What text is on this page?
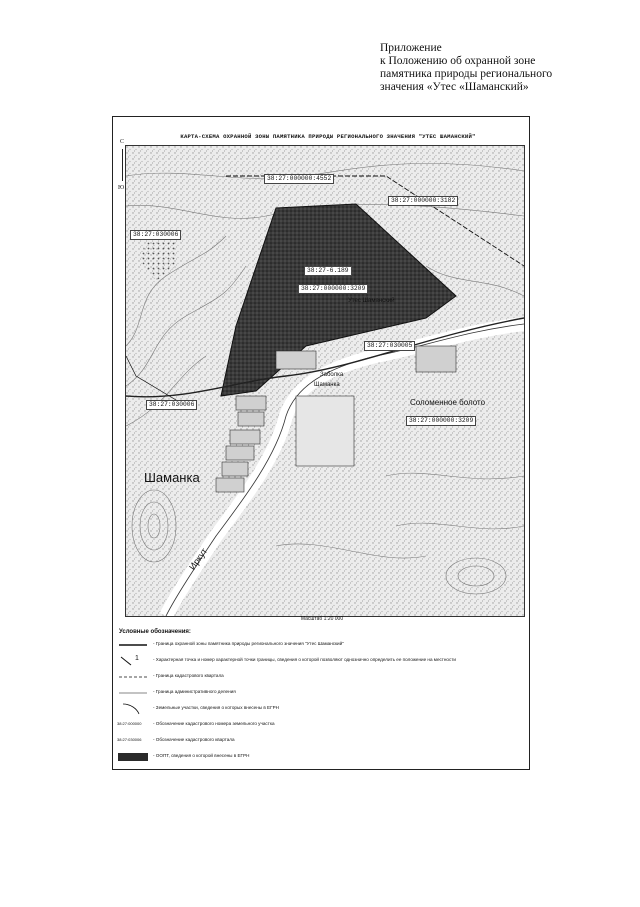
Приложение
к Положению об охранной зоне
памятника природы регионального
значения «Утес «Шаманский»
КАРТА-СХЕМА ОХРАННОЙ ЗОНЫ ПАМЯТНИКА ПРИРОДЫ РЕГИОНАЛЬНОГО ЗНАЧЕНИЯ "УТЕС ШАМАНСКИЙ"
С
Ю
38:27:000000:4552
38:27:000000:3182
38:27:030006
38:27-6.189
38:27:000000:3209
38:27:030005
38:27:030006
38:27:000000:3209
Шаманка
Соломенное болото
Иркут
Шаманка
Утес Шаманский
Заболка
Масштаб 1:20 000
Условные обозначения:
- Граница охранной зоны памятника природы регионального значения "Утес Шаманский"
1	- Характерная точка и номер характерной точки границы, сведения о которой позволяют однозначно определить ее положение на местности
- Граница кадастрового квартала
- Граница административного деления
- Земельные участки, сведения о которых внесены в ЕГРН
38:27:000000	- Обозначение кадастрового номера земельного участка
38:27:030006	- Обозначение кадастрового квартала
- ООПТ, сведения о которой внесены в ЕГРН
